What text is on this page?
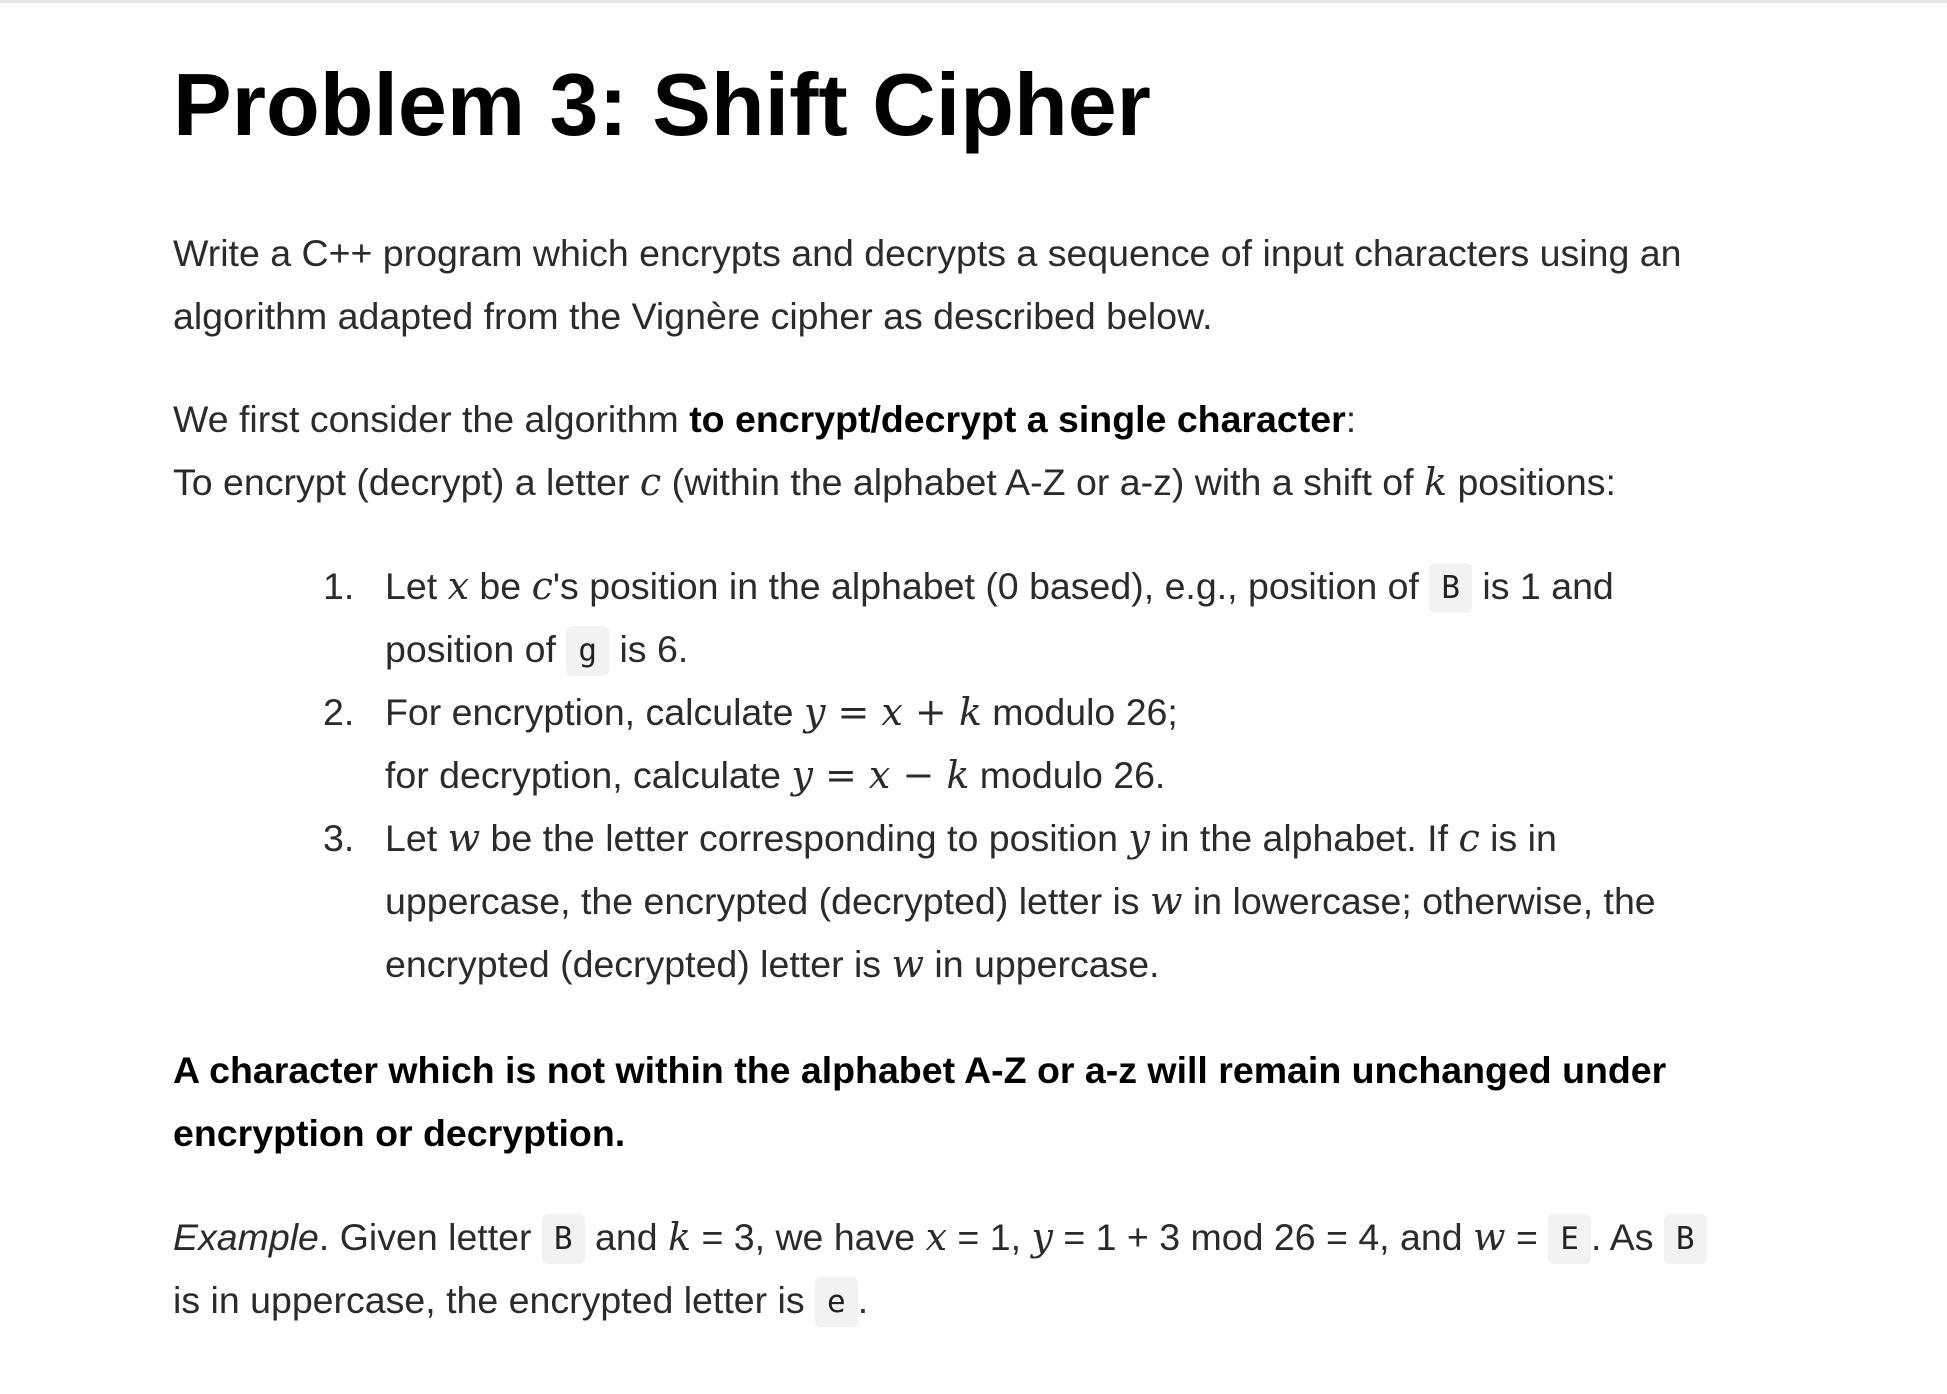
Problem 3: Shift Cipher

Write a C++ program which encrypts and decrypts a sequence of input characters using an
algorithm adapted from the Vignère cipher as described below.

We first consider the algorithm to encrypt/decrypt a single character:
To encrypt (decrypt) a letter c (within the alphabet A-Z or a-z) with a shift of k positions:

1. Let x be c's position in the alphabet (0 based), e.g., position of B is 1 and
position of g is 6.
2. For encryption, calculate y = x + k modulo 26;
for decryption, calculate y = x − k modulo 26.
3. Let w be the letter corresponding to position y in the alphabet. If c is in
uppercase, the encrypted (decrypted) letter is w in lowercase; otherwise, the
encrypted (decrypted) letter is w in uppercase.

A character which is not within the alphabet A-Z or a-z will remain unchanged under
encryption or decryption.

Example. Given letter B and k = 3, we have x = 1, y = 1 + 3 mod 26 = 4, and w = E . As B
is in uppercase, the encrypted letter is e .
